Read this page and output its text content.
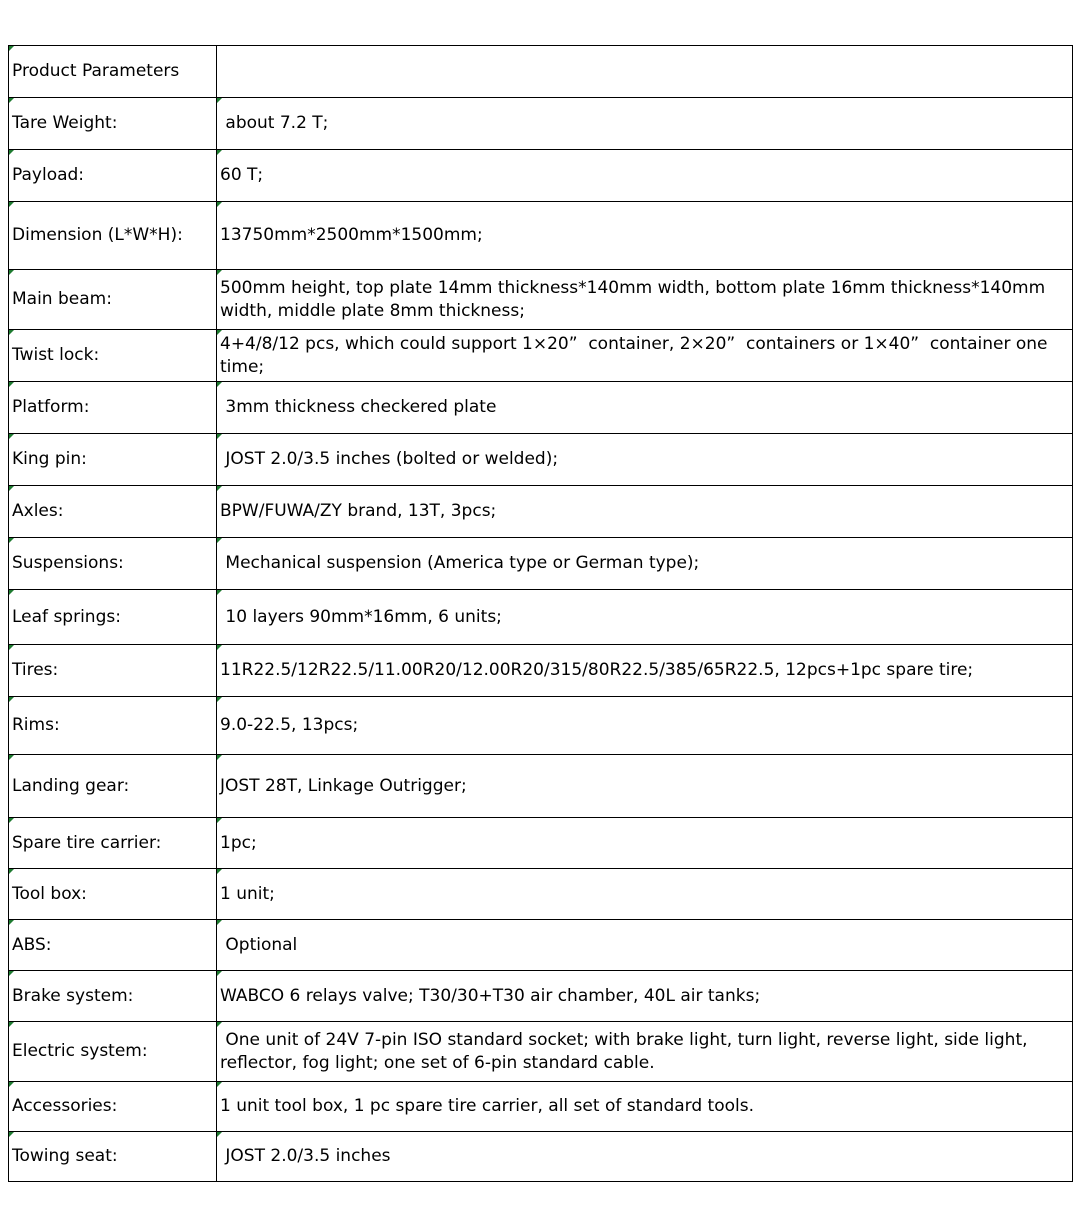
Product Parameters	

Tare Weight:	about 7.2 T;

Payload:	60 T;

Dimension (L*W*H):	13750mm*2500mm*1500mm;

Main beam:	500mm height, top plate 14mm thickness*140mm width, bottom plate 16mm thickness*140mm width, middle plate 8mm thickness;

Twist lock:	4+4/8/12 pcs, which could support 1×20”  container, 2×20”  containers or 1×40”  container one time;

Platform:	3mm thickness checkered plate

King pin:	JOST 2.0/3.5 inches (bolted or welded);

Axles:	BPW/FUWA/ZY brand, 13T, 3pcs;

Suspensions:	Mechanical suspension (America type or German type);

Leaf springs:	10 layers 90mm*16mm, 6 units;

Tires:	11R22.5/12R22.5/11.00R20/12.00R20/315/80R22.5/385/65R22.5, 12pcs+1pc spare tire;

Rims:	9.0-22.5, 13pcs;

Landing gear:	JOST 28T, Linkage Outrigger;

Spare tire carrier:	1pc;

Tool box:	1 unit;

ABS:	Optional

Brake system:	WABCO 6 relays valve; T30/30+T30 air chamber, 40L air tanks;

Electric system:	One unit of 24V 7-pin ISO standard socket; with brake light, turn light, reverse light, side light, reflector, fog light; one set of 6-pin standard cable.

Accessories:	1 unit tool box, 1 pc spare tire carrier, all set of standard tools.

Towing seat:	JOST 2.0/3.5 inches
